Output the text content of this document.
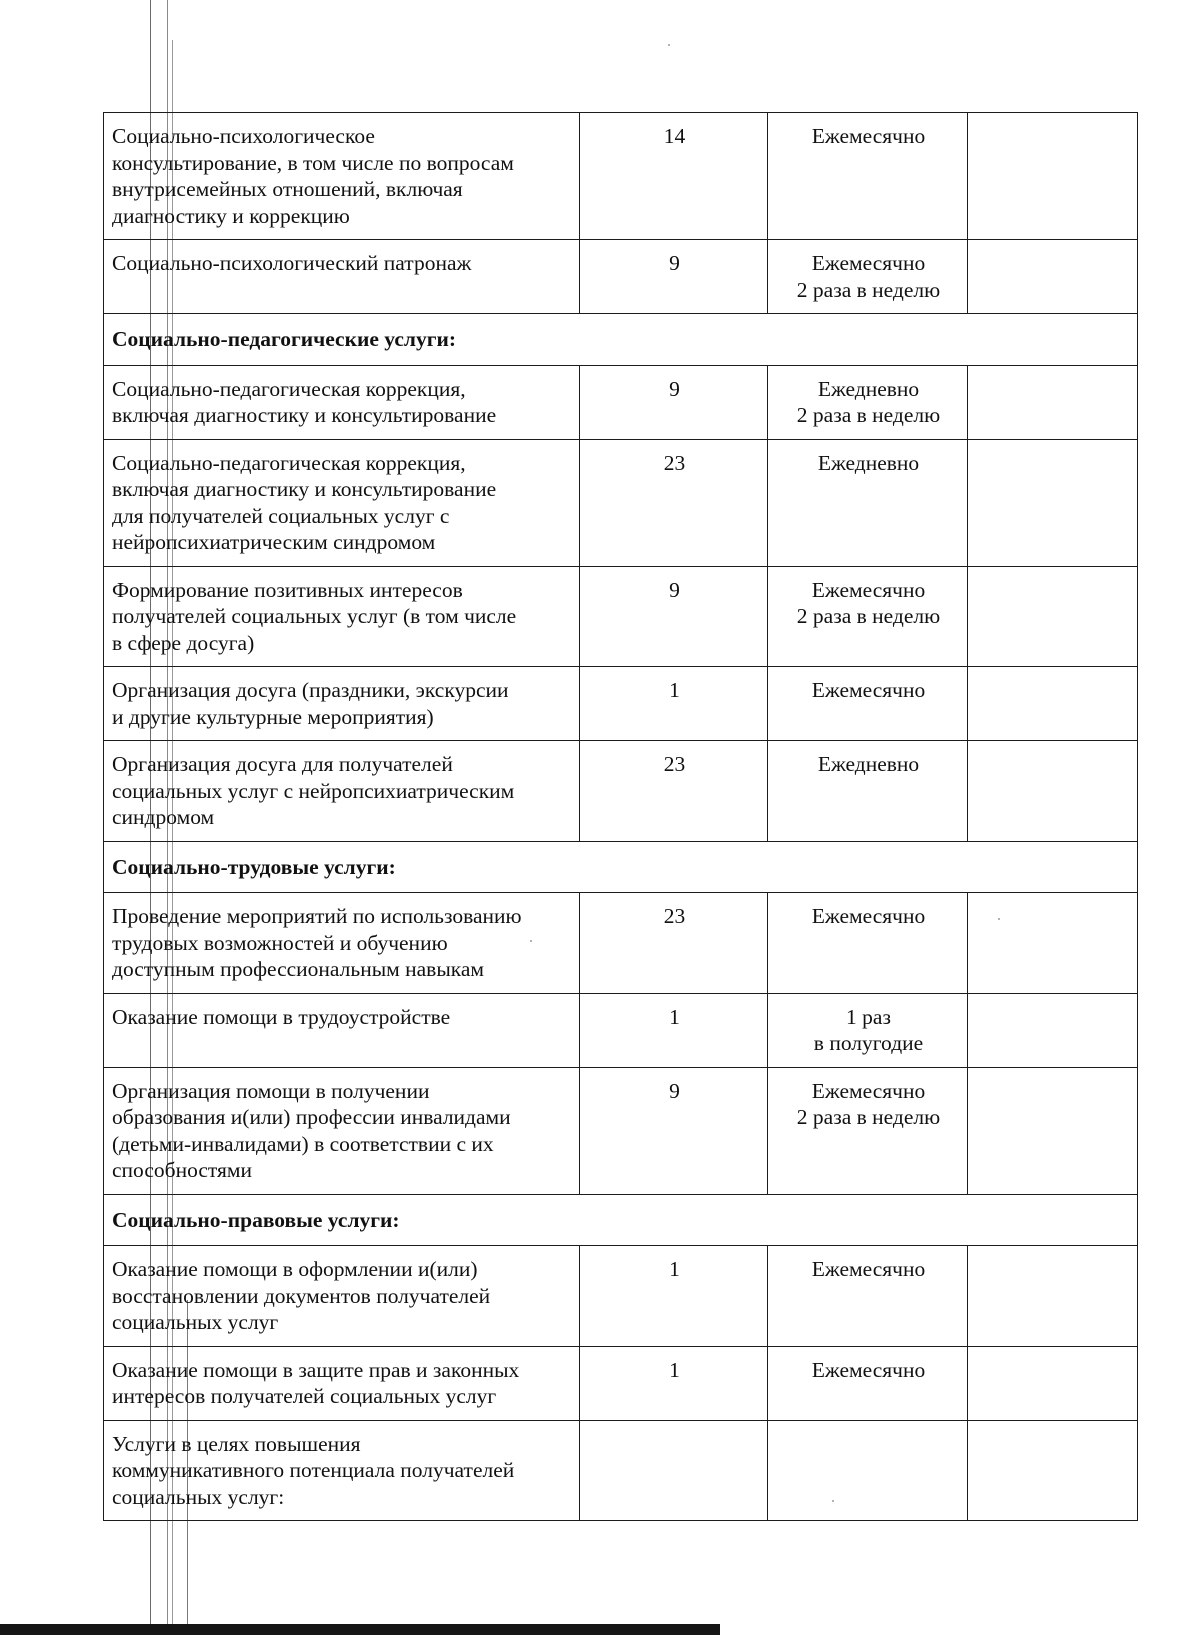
Социально-психологическое
консультирование, в том числе по вопросам
внутрисемейных отношений, включая
диагностику и коррекцию	14	Ежемесячно	

Социально-психологический патронаж	9	Ежемесячно
2 раза в неделю	

Социально-педагогические услуги:			

Социально-педагогическая коррекция,
включая диагностику и консультирование	9	Ежедневно
2 раза в неделю	

Социально-педагогическая коррекция,
включая диагностику и консультирование
для получателей социальных услуг с
нейропсихиатрическим синдромом	23	Ежедневно	

Формирование позитивных интересов
получателей социальных услуг (в том числе
в сфере досуга)	9	Ежемесячно
2 раза в неделю	

Организация досуга (праздники, экскурсии
и другие культурные мероприятия)	1	Ежемесячно	

Организация досуга для получателей
социальных услуг с нейропсихиатрическим
синдромом	23	Ежедневно	

Социально-трудовые услуги:			

Проведение мероприятий по использованию
трудовых возможностей и обучению
доступным профессиональным навыкам	23	Ежемесячно	

Оказание помощи в трудоустройстве	1	1 раз
в полугодие	

Организация помощи в получении
образования и(или) профессии инвалидами
(детьми-инвалидами) в соответствии с их
способностями	9	Ежемесячно
2 раза в неделю	

Социально-правовые услуги:			

Оказание помощи в оформлении и(или)
восстановлении документов получателей
социальных услуг	1	Ежемесячно	

Оказание помощи в защите прав и законных
интересов получателей социальных услуг	1	Ежемесячно	

Услуги в целях повышения
коммуникативного потенциала получателей
социальных услуг:			
